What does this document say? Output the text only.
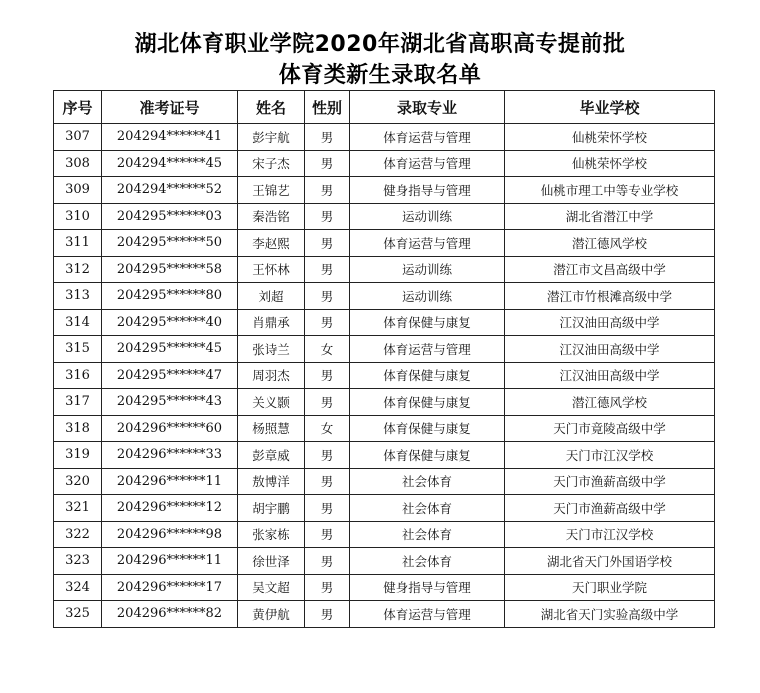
湖北体育职业学院2020年湖北省高职高专提前批
体育类新生录取名单
序号	准考证号	姓名	性别	录取专业	毕业学校
307	204294******41	彭宇航	男	体育运营与管理	仙桃荣怀学校
308	204294******45	宋子杰	男	体育运营与管理	仙桃荣怀学校
309	204294******52	王锦艺	男	健身指导与管理	仙桃市理工中等专业学校
310	204295******03	秦浩铭	男	运动训练	湖北省潜江中学
311	204295******50	李赵熙	男	体育运营与管理	潜江德风学校
312	204295******58	王怀林	男	运动训练	潜江市文昌高级中学
313	204295******80	刘超	男	运动训练	潜江市竹根滩高级中学
314	204295******40	肖鼎承	男	体育保健与康复	江汉油田高级中学
315	204295******45	张诗兰	女	体育运营与管理	江汉油田高级中学
316	204295******47	周羽杰	男	体育保健与康复	江汉油田高级中学
317	204295******43	关义颢	男	体育保健与康复	潜江德风学校
318	204296******60	杨照慧	女	体育保健与康复	天门市竟陵高级中学
319	204296******33	彭章威	男	体育保健与康复	天门市江汉学校
320	204296******11	敖博洋	男	社会体育	天门市渔薪高级中学
321	204296******12	胡宇鹏	男	社会体育	天门市渔薪高级中学
322	204296******98	张家栋	男	社会体育	天门市江汉学校
323	204296******11	徐世泽	男	社会体育	湖北省天门外国语学校
324	204296******17	吴文超	男	健身指导与管理	天门职业学院
325	204296******82	黄伊航	男	体育运营与管理	湖北省天门实验高级中学
